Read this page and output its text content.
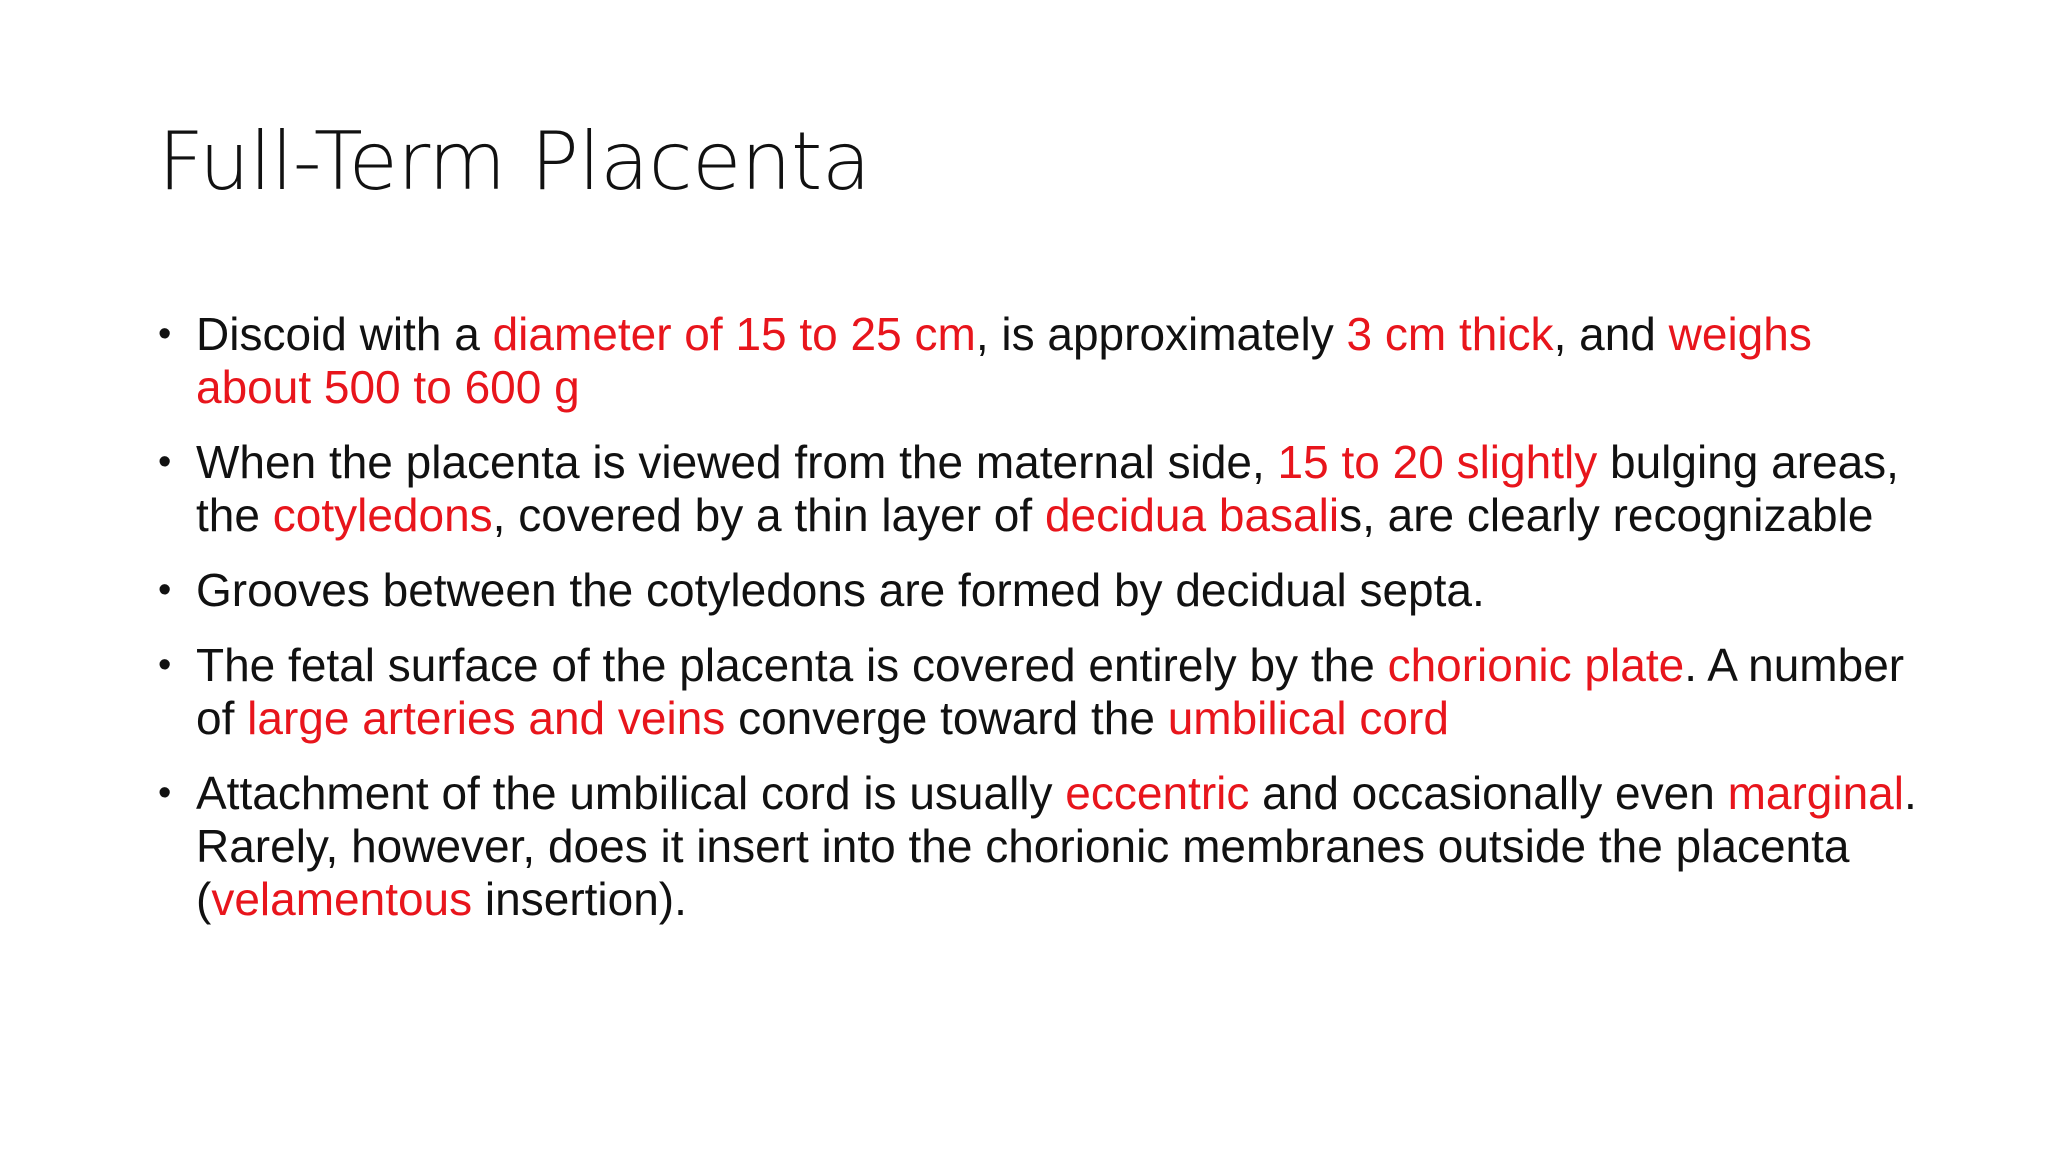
Full-Term Placenta
• Discoid with a diameter of 15 to 25 cm, is approximately 3 cm thick, and weighs about 500 to 600 g
• When the placenta is viewed from the maternal side, 15 to 20 slightly bulging areas, the cotyledons, covered by a thin layer of decidua basalis, are clearly recognizable
• Grooves between the cotyledons are formed by decidual septa.
• The fetal surface of the placenta is covered entirely by the chorionic plate. A number of large arteries and veins converge toward the umbilical cord
• Attachment of the umbilical cord is usually eccentric and occasionally even marginal. Rarely, however, does it insert into the chorionic membranes outside the placenta (velamentous insertion).
